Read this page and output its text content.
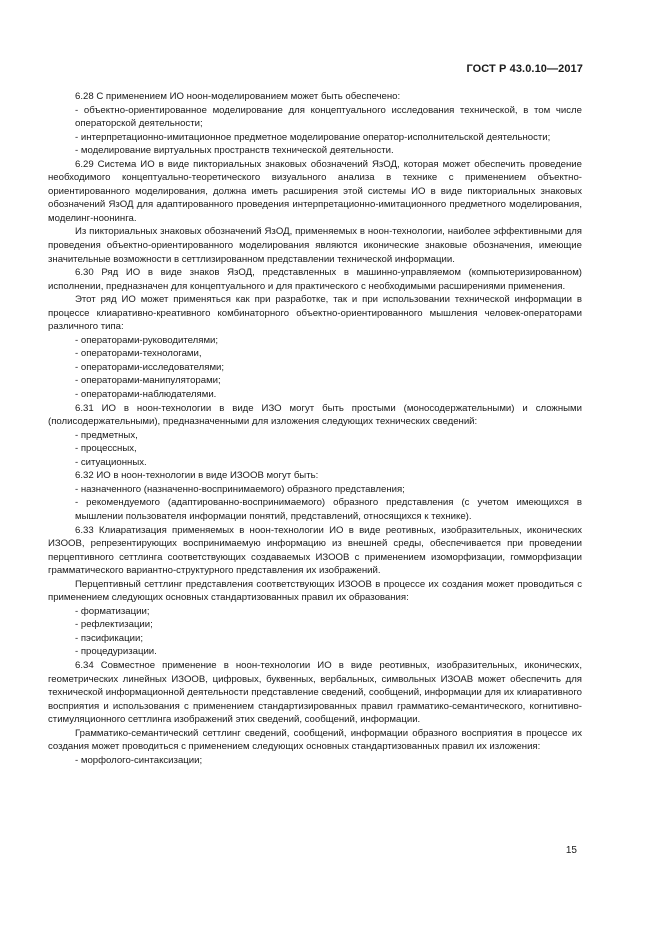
ГОСТ Р 43.0.10—2017

6.28 С применением ИО ноон-моделированием может быть обеспечено:

- объектно-ориентированное моделирование для концептуального исследования технической, в том числе операторской деятельности;

- интерпретационно-имитационное предметное моделирование оператор-исполнительской деятельности;

- моделирование виртуальных пространств технической деятельности.

6.29 Система ИО в виде пикториальных знаковых обозначений ЯзОД, которая может обеспечить проведение необходимого концептуально-теоретического визуального анализа в технике с применением объектно-ориентированного моделирования, должна иметь расширения этой системы ИО в виде пикториальных знаковых обозначений ЯзОД для адаптированного проведения интерпретационно-имитационного предметного моделирования, моделинг-ноонинга.

Из пикториальных знаковых обозначений ЯзОД, применяемых в ноон-технологии, наиболее эффективными для проведения объектно-ориентированного моделирования являются иконические знаковые обозначения, имеющие значительные возможности в сеттлизированном представлении технической информации.

6.30 Ряд ИО в виде знаков ЯзОД, представленных в машинно-управляемом (компьютеризированном) исполнении, предназначен для концептуального и для практического с необходимыми расширениями применения.

Этот ряд ИО может применяться как при разработке, так и при использовании технической информации в процессе клиаративно-креативного комбинаторного объектно-ориентированного мышления человек-операторами различного типа:

- операторами-руководителями;

- операторами-технологами,

- операторами-исследователями;

- операторами-манипуляторами;

- операторами-наблюдателями.

6.31 ИО в ноон-технологии в виде ИЗО могут быть простыми (моносодержательными) и сложными (полисодержательными), предназначенными для изложения следующих технических сведений:

- предметных,

- процессных,

- ситуационных.

6.32 ИО в ноон-технологии в виде ИЗООВ могут быть:

- назначенного (назначенно-воспринимаемого) образного представления;

- рекомендуемого (адаптированно-воспринимаемого) образного представления (с учетом имеющихся в мышлении пользователя информации понятий, представлений, относящихся к технике).

6.33 Клиаратизация применяемых в ноон-технологии ИО в виде реотивных, изобразительных, иконических ИЗООВ, репрезентирующих воспринимаемую информацию из внешней среды, обеспечивается при проведении перцептивного сеттлинга соответствующих создаваемых ИЗООВ с применением изоморфизации, гомморфизации грамматического вариантно-структурного представления их изображений.

Перцептивный сеттлинг представления соответствующих ИЗООВ в процессе их создания может проводиться с применением следующих основных стандартизованных правил их образования:

- форматизации;

- рефлектизации;

- пэсификации;

- процедуризации.

6.34 Совместное применение в ноон-технологии ИО в виде реотивных, изобразительных, иконических, геометрических линейных ИЗООВ, цифровых, буквенных, вербальных, символьных ИЗОАВ может обеспечить для технической информационной деятельности представление сведений, сообщений, информации для их клиаративного восприятия и использования с применением стандартизированных правил грамматико-семантического, когнитивно-стимуляционного сеттлинга изображений этих сведений, сообщений, информации.

Грамматико-семантический сеттлинг сведений, сообщений, информации образного восприятия в процессе их создания может проводиться с применением следующих основных стандартизованных правил их изложения:

- морфолого-синтаксизации;

15
